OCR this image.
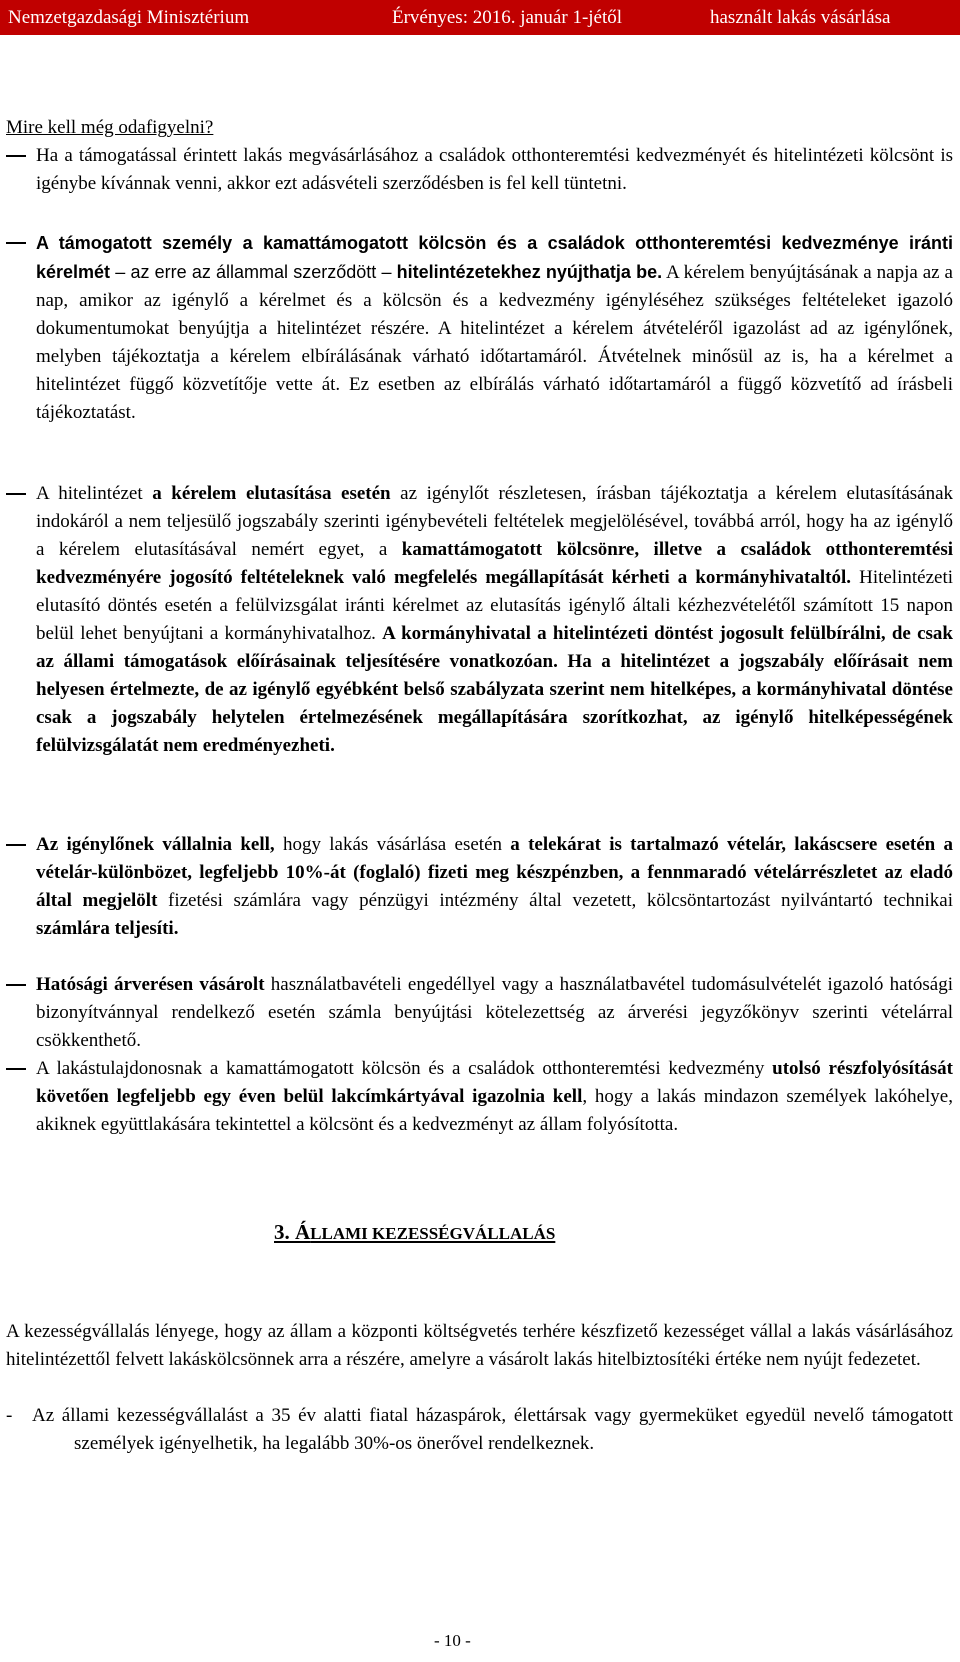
Nemzetgazdasági Minisztérium	Érvényes: 2016. január 1-jétől	használt lakás vásárlása
Mire kell még odafigyelni?
Ha a támogatással érintett lakás megvásárlásához a családok otthonteremtési kedvezményét és hitelintézeti kölcsönt is igénybe kívánnak venni, akkor ezt adásvételi szerződésben is fel kell tüntetni.
A támogatott személy a kamattámogatott kölcsön és a családok otthonteremtési kedvezménye iránti kérelmét – az erre az állammal szerződött – hitelintézetekhez nyújthatja be. A kérelem benyújtásának a napja az a nap, amikor az igénylő a kérelmet és a kölcsön és a kedvezmény igényléséhez szükséges feltételeket igazoló dokumentumokat benyújtja a hitelintézet részére. A hitelintézet a kérelem átvételéről igazolást ad az igénylőnek, melyben tájékoztatja a kérelem elbírálásának várható időtartamáról. Átvételnek minősül az is, ha a kérelmet a hitelintézet függő közvetítője vette át. Ez esetben az elbírálás várható időtartamáról a függő közvetítő ad írásbeli tájékoztatást.
A hitelintézet a kérelem elutasítása esetén az igénylőt részletesen, írásban tájékoztatja a kérelem elutasításának indokáról a nem teljesülő jogszabály szerinti igénybevételi feltételek megjelölésével, továbbá arról, hogy ha az igénylő a kérelem elutasításával nemért egyet, a kamattámogatott kölcsönre, illetve a családok otthonteremtési kedvezményére jogosító feltételeknek való megfelelés megállapítását kérheti a kormányhivataltól. Hitelintézeti elutasító döntés esetén a felülvizsgálat iránti kérelmet az elutasítás igénylő általi kézhezvételétől számított 15 napon belül lehet benyújtani a kormányhivatalhoz. A kormányhivatal a hitelintézeti döntést jogosult felülbírálni, de csak az állami támogatások előírásainak teljesítésére vonatkozóan. Ha a hitelintézet a jogszabály előírásait nem helyesen értelmezte, de az igénylő egyébként belső szabályzata szerint nem hitelképes, a kormányhivatal döntése csak a jogszabály helytelen értelmezésének megállapítására szorítkozhat, az igénylő hitelképességének felülvizsgálatát nem eredményezheti.
Az igénylőnek vállalnia kell, hogy lakás vásárlása esetén a telekárat is tartalmazó vételár, lakáscsere esetén a vételár-különbözet, legfeljebb 10%-át (foglaló) fizeti meg készpénzben, a fennmaradó vételárrészletet az eladó által megjelölt fizetési számlára vagy pénzügyi intézmény által vezetett, kölcsöntartozást nyilvántartó technikai számlára teljesíti.
Hatósági árverésen vásárolt használatbavételi engedéllyel vagy a használatbavétel tudomásulvételét igazoló hatósági bizonyítvánnyal rendelkező esetén számla benyújtási kötelezettség az árverési jegyzőkönyv szerinti vételárral csökkenthető.
A lakástulajdonosnak a kamattámogatott kölcsön és a családok otthonteremtési kedvezmény utolsó részfolyósítását követően legfeljebb egy éven belül lakcímkártyával igazolnia kell, hogy a lakás mindazon személyek lakóhelye, akiknek együttlakására tekintettel a kölcsönt és a kedvezményt az állam folyósította.
3. ÁLLAMI KEZESSÉGVÁLLALÁS
A kezességvállalás lényege, hogy az állam a központi költségvetés terhére készfizető kezességet vállal a lakás vásárlásához hitelintézettől felvett lakáskölcsönnek arra a részére, amelyre a vásárolt lakás hitelbiztosítéki értéke nem nyújt fedezetet.
- Az állami kezességvállalást a 35 év alatti fiatal házaspárok, élettársak vagy gyermeküket egyedül nevelő támogatott személyek igényelhetik, ha legalább 30%-os önerővel rendelkeznek.
- 10 -
